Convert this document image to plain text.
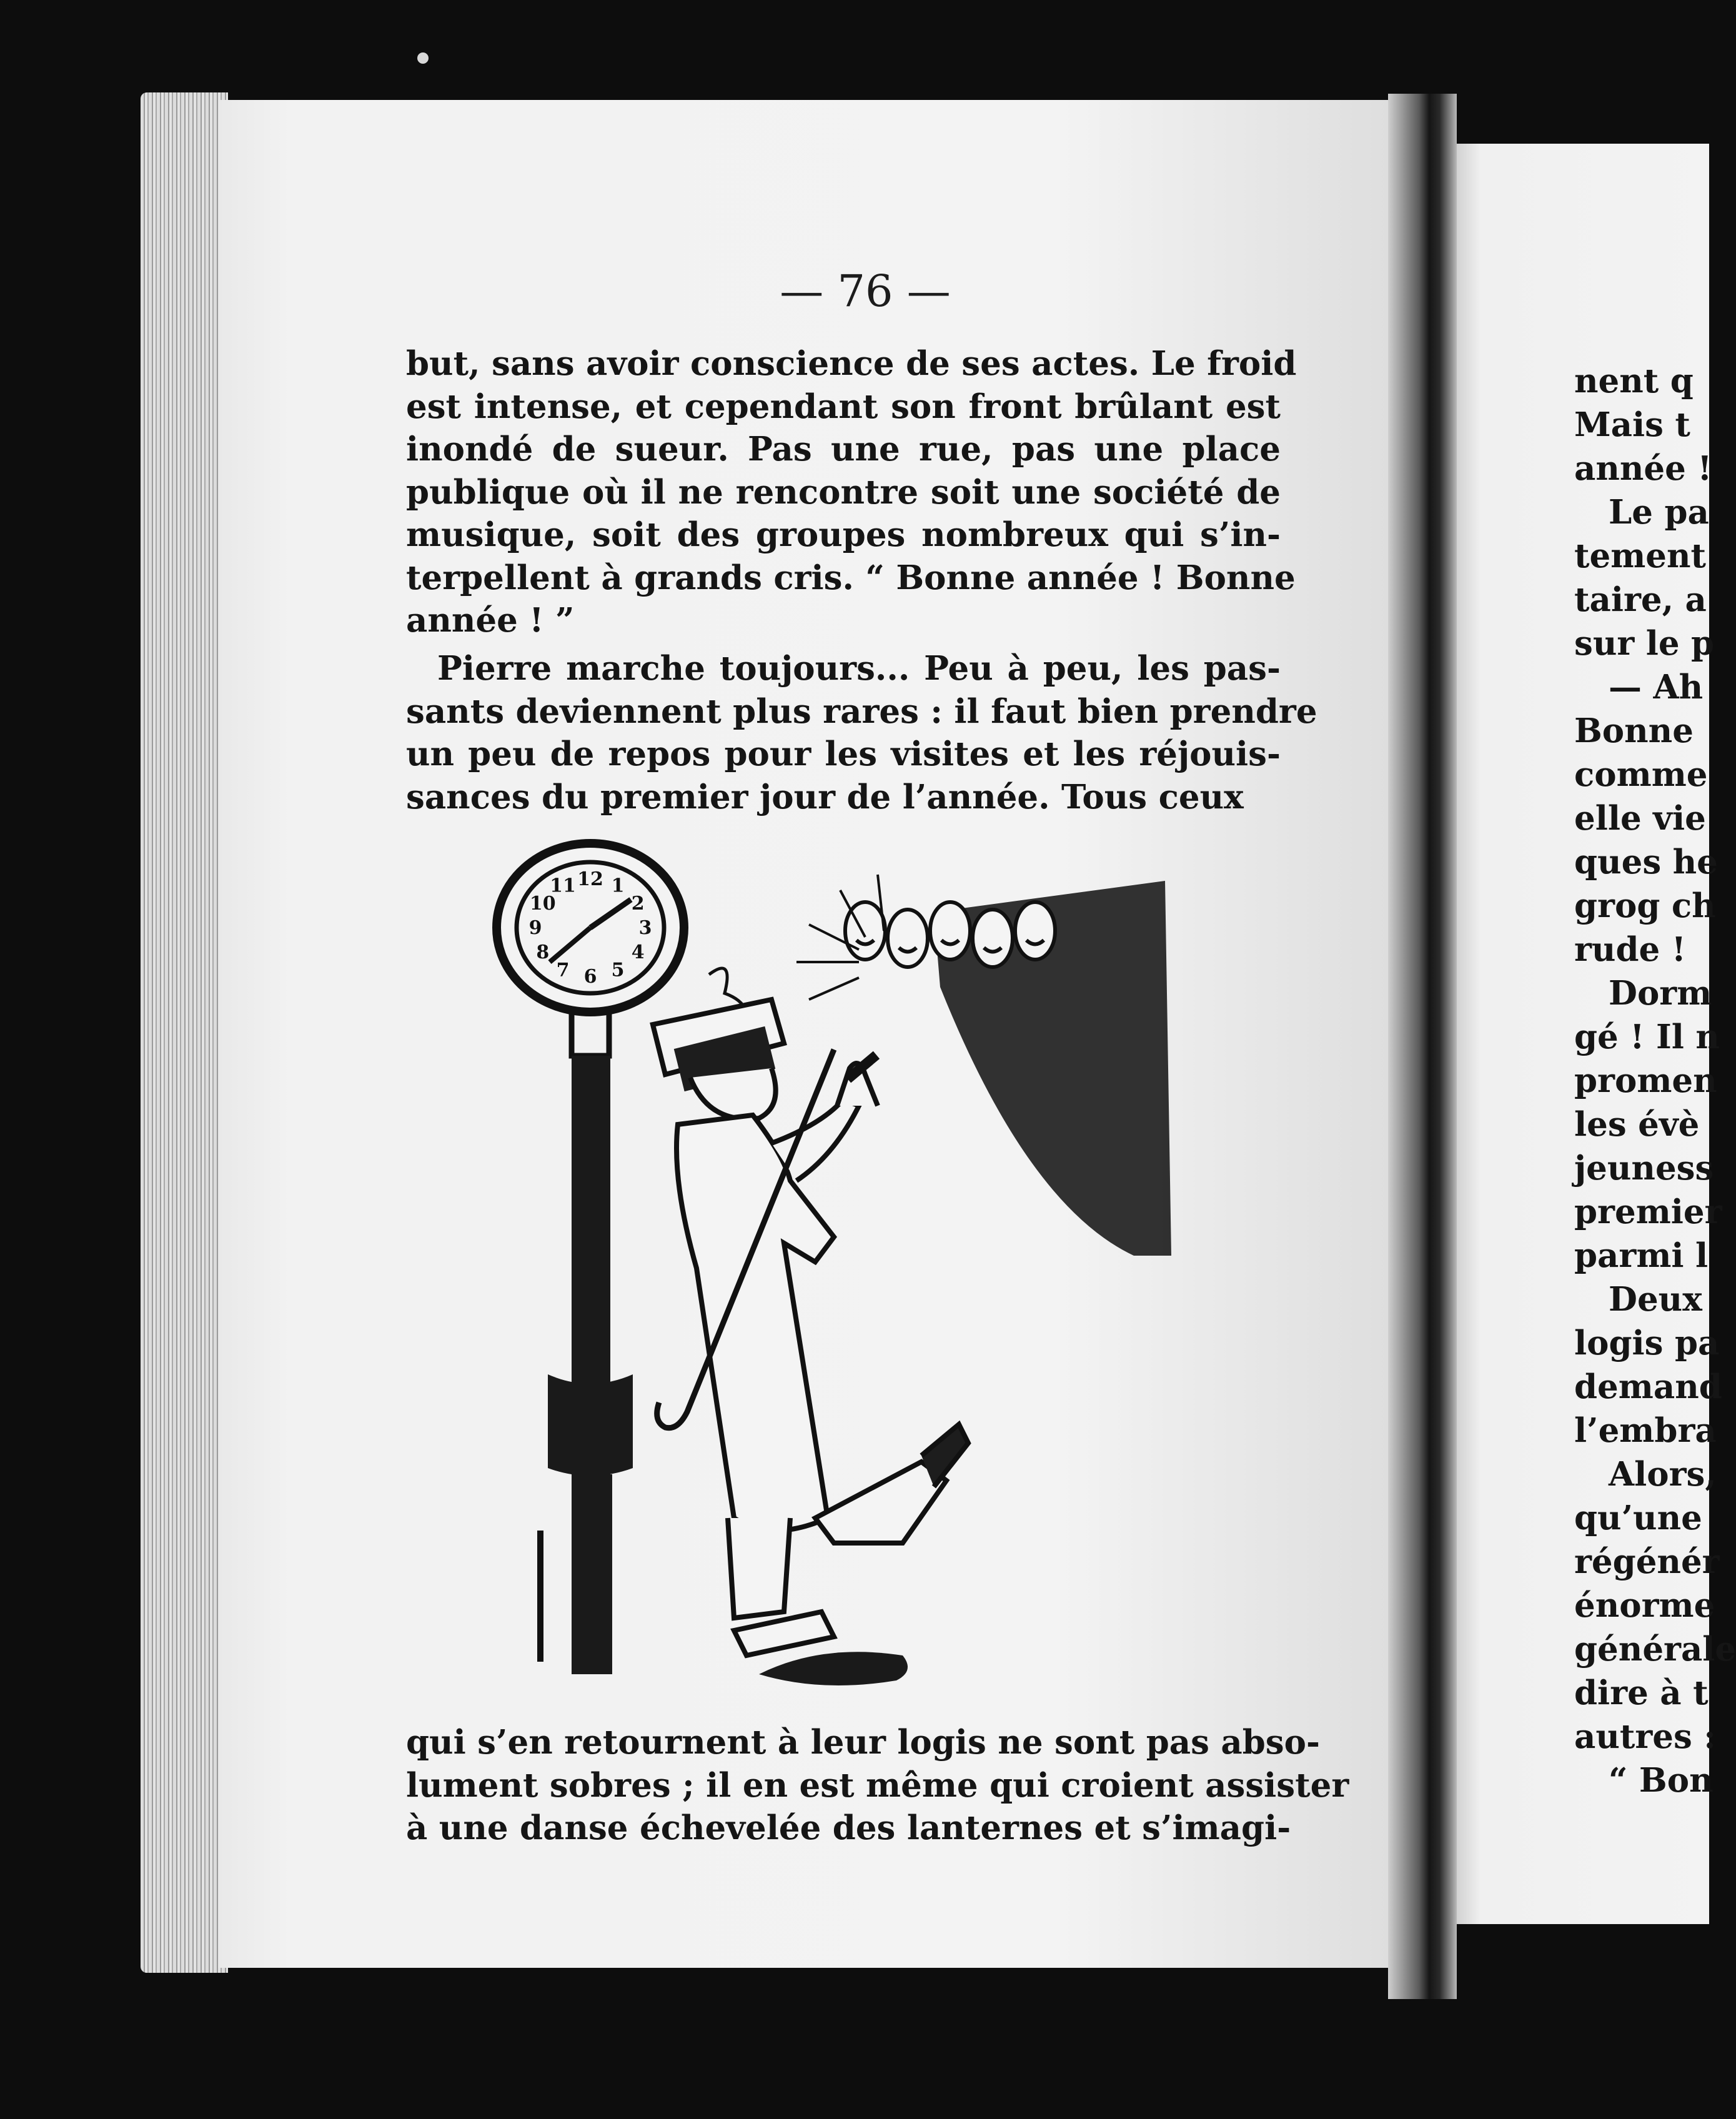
— 76 —
but, sans avoir conscience de ses actes. Le froid
est intense, et cependant son front brûlant est
inondé de sueur. Pas une rue, pas une place
publique où il ne rencontre soit une société de
musique, soit des groupes nombreux qui s’in-
terpellent à grands cris. “ Bonne année ! Bonne
année ! ”
Pierre marche toujours... Peu à peu, les pas-
sants deviennent plus rares : il faut bien prendre
un peu de repos pour les visites et les réjouis-
sances du premier jour de l’année. Tous ceux
12 1
2
3
4
5
6
7
8
9
10
11
qui s’en retournent à leur logis ne sont pas abso-
lument sobres ; il en est même qui croient assister
à une danse échevelée des lanternes et s’imagi-
nent q
Mais t
année !
Le pa
tement
taire, a
sur le p
— Ah
Bonne
comme
elle vie
ques he
grog ch
rude !
Dorm
gé ! Il n
promen
les évè
jeuness
premier
parmi l
Deux
logis pa
demand
l’embra
Alors,
qu’une
régénér
énorme
générale
dire à t
autres :
“ Bon
